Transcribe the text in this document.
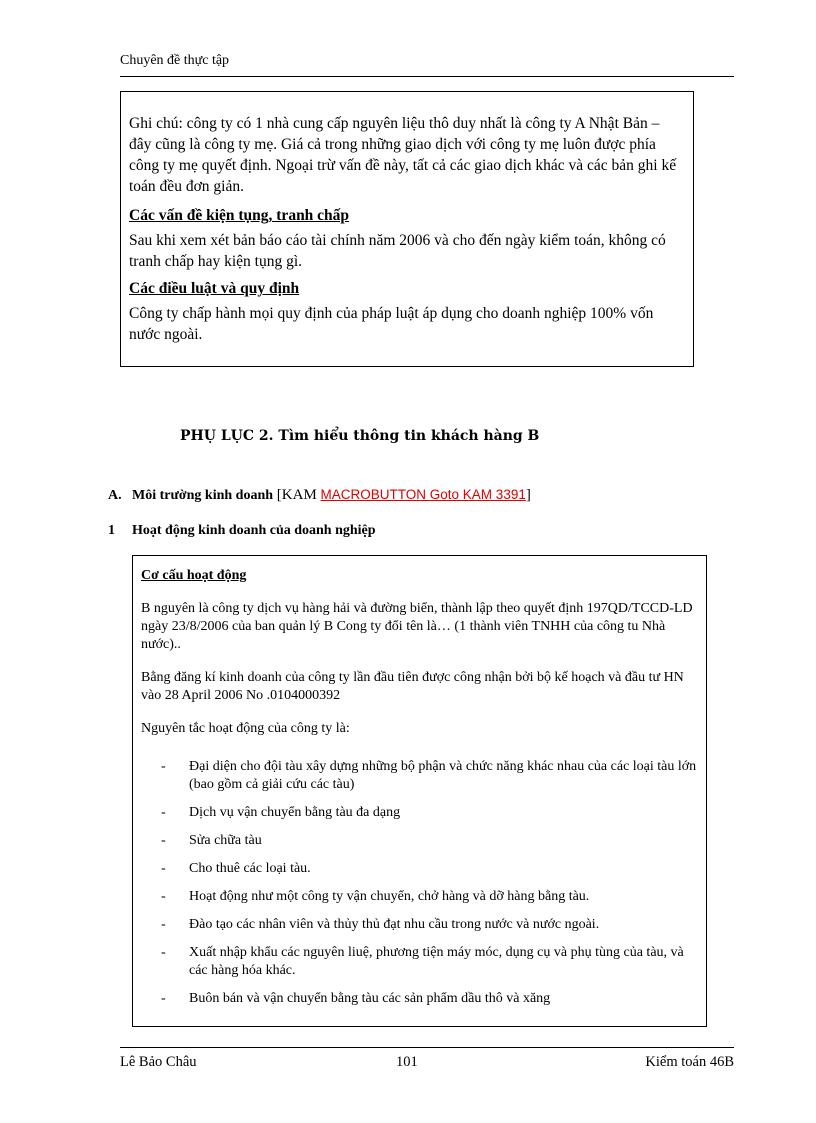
Chuyên đề thực tập

Ghi chú: công ty có 1 nhà cung cấp nguyên liệu thô duy nhất là công ty A Nhật Bản – đây cũng là công ty mẹ. Giá cả trong những giao dịch với công ty mẹ luôn được phía công ty mẹ quyết định. Ngoại trừ vấn đề này, tất cả các giao dịch khác và các bản ghi kế toán đều đơn giản.

Các vấn đề kiện tụng, tranh chấp

Sau khi xem xét bản báo cáo tài chính năm 2006 và cho đến ngày kiểm toán, không có tranh chấp hay kiện tụng gì.

Các điều luật và quy định

Công ty chấp hành mọi quy định của pháp luật áp dụng cho doanh nghiệp 100% vốn nước ngoài.

PHỤ LỤC 2. Tìm hiểu thông tin khách hàng B
A. Môi trường kinh doanh [KAM MACROBUTTON Goto KAM 3391]
1 Hoạt động kinh doanh của doanh nghiệp

Cơ cấu hoạt động

B nguyên là công ty dịch vụ hàng hải và đường biển, thành lập theo quyết định 197QD/TCCD-LD ngày 23/8/2006 của ban quản lý B Cong ty đổi tên là… (1 thành viên TNHH của công tu Nhà nước)..

Bằng đăng kí kinh doanh của công ty lần đầu tiên được công nhận bởi bộ kế hoạch và đầu tư HN vào 28 April 2006 No .0104000392

Nguyên tắc hoạt động của công ty là:

- Đại diện cho đội tàu xây dựng những bộ phận và chức năng khác nhau của các loại tàu lớn (bao gồm cả giải cứu các tàu)
- Dịch vụ vận chuyển bằng tàu đa dạng
- Sửa chữa tàu
- Cho thuê các loại tàu.
- Hoạt động như một công ty vận chuyển, chở hàng và dỡ hàng bằng tàu.
- Đào tạo các nhân viên và thủy thủ đạt nhu cầu trong nước và nước ngoài.
- Xuất nhập khẩu các nguyên liuệ, phương tiện máy móc, dụng cụ và phụ tùng của tàu, và các hàng hóa khác.
- Buôn bán và vận chuyển bằng tàu các sản phẩm dầu thô và xăng
Lê Bảo Châu	101	Kiểm toán 46B
